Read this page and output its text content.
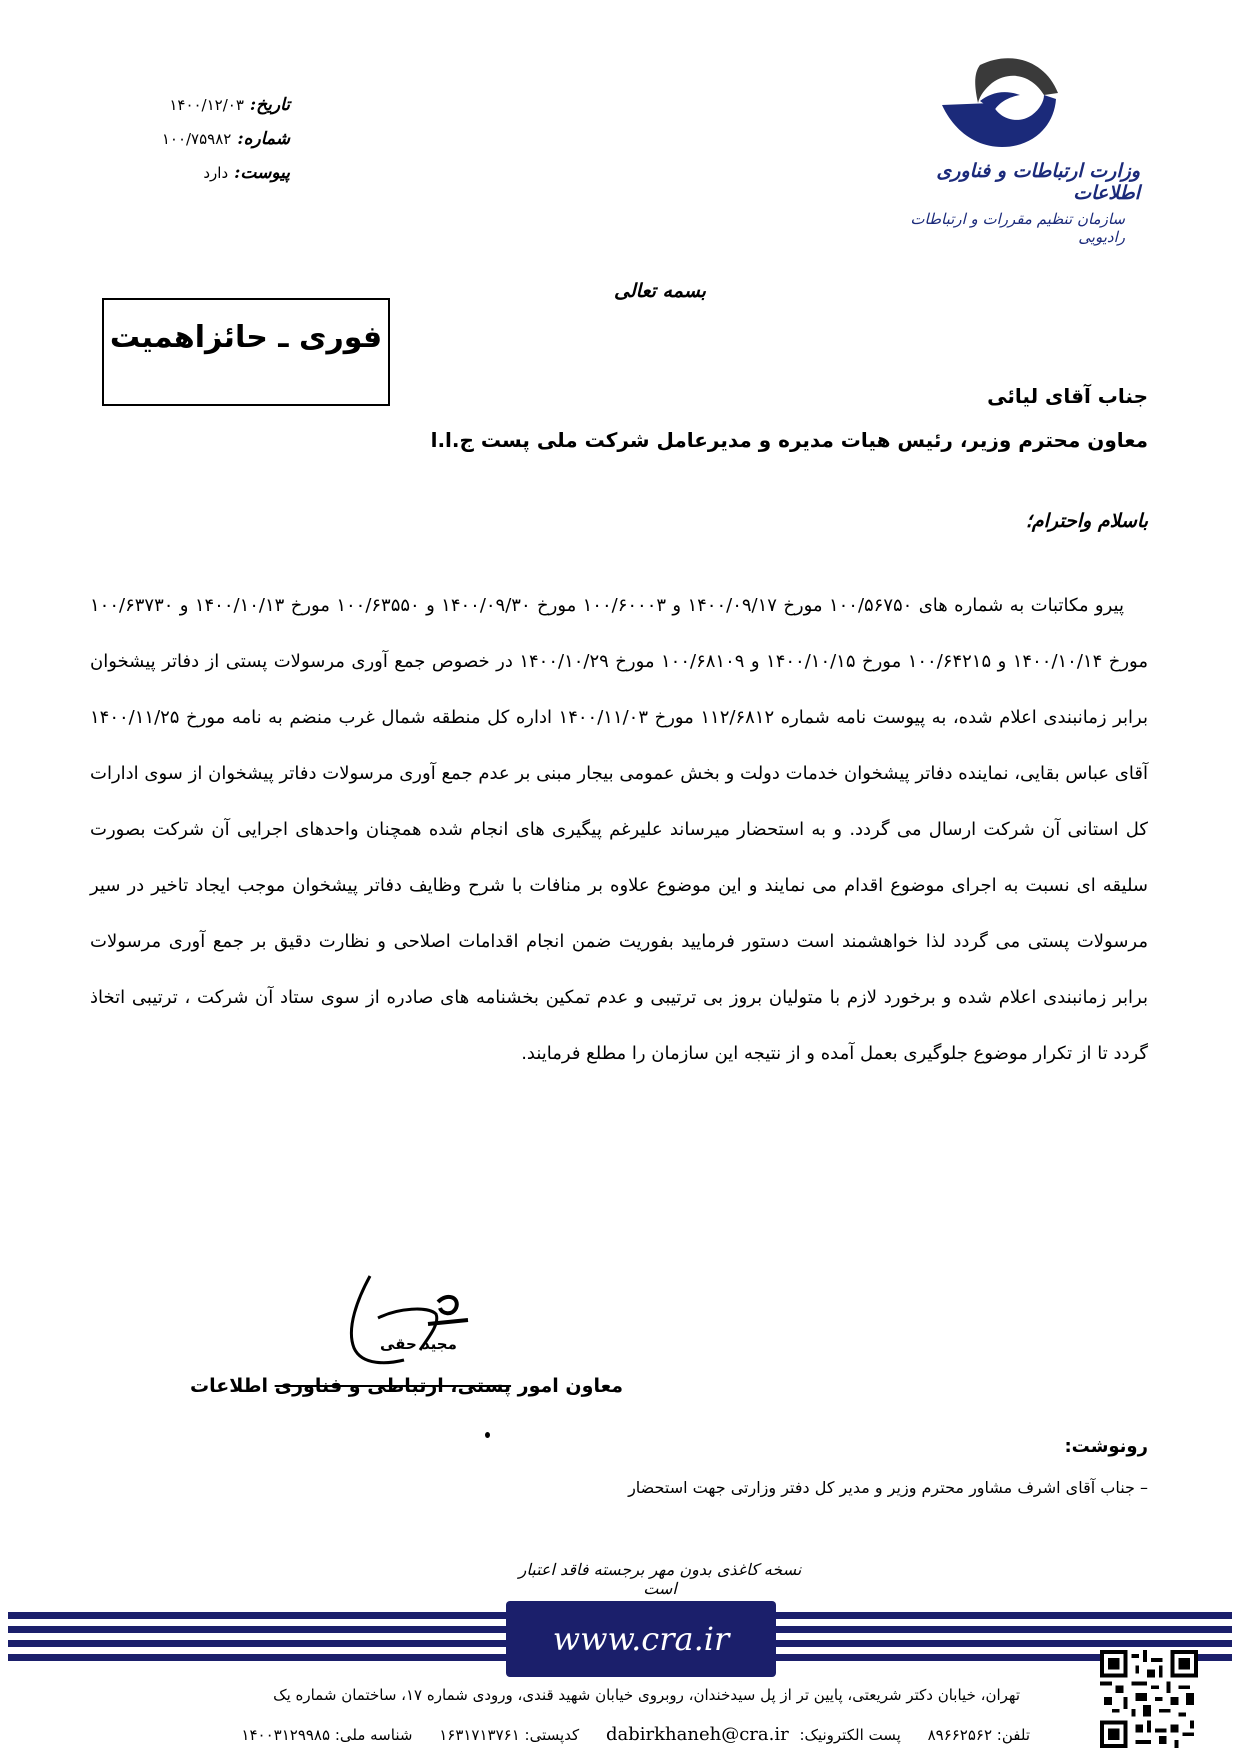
تاریخ:
۱۴۰۰/۱۲/۰۳
شماره:
۱۰۰/۷۵۹۸۲
پیوست:
دارد	وزارت ارتباطات و فناوری اطلاعات
سازمان تنظیم مقررات و ارتباطات رادیویی
بسمه تعالی
فوری ـ حائزاهمیت
جناب آقای لیائی
معاون محترم وزیر، رئیس هیات مدیره و مدیرعامل شرکت ملی پست ج.ا.ا
باسلام واحترام؛

پیرو مکاتبات به شماره های ۱۰۰/۵۶۷۵۰ مورخ ۱۴۰۰/۰۹/۱۷ و ۱۰۰/۶۰۰۰۳ مورخ ۱۴۰۰/۰۹/۳۰ و ۱۰۰/۶۳۵۵۰ مورخ ۱۴۰۰/۱۰/۱۳ و ۱۰۰/۶۳۷۳۰ مورخ ۱۴۰۰/۱۰/۱۴ و ۱۰۰/۶۴۲۱۵ مورخ ۱۴۰۰/۱۰/۱۵ و ۱۰۰/۶۸۱۰۹ مورخ ۱۴۰۰/۱۰/۲۹ در خصوص جمع آوری مرسولات پستی از دفاتر پیشخوان برابر زمانبندی اعلام شده، به پیوست نامه شماره ۱۱۲/۶۸۱۲ مورخ ۱۴۰۰/۱۱/۰۳ اداره کل منطقه شمال غرب منضم به نامه مورخ ۱۴۰۰/۱۱/۲۵ آقای عباس بقایی، نماینده دفاتر پیشخوان خدمات دولت و بخش عمومی بیجار مبنی بر عدم جمع آوری مرسولات دفاتر پیشخوان از سوی ادارات کل استانی آن شرکت ارسال می گردد. و به استحضار میرساند علیرغم پیگیری های انجام شده همچنان واحدهای اجرایی آن شرکت بصورت سلیقه ای نسبت به اجرای موضوع اقدام می نمایند و این موضوع علاوه بر منافات با شرح وظایف دفاتر پیشخوان موجب ایجاد تاخیر در سیر مرسولات پستی می گردد لذا خواهشمند است دستور فرمایید بفوریت ضمن انجام اقدامات اصلاحی و نظارت دقیق بر جمع آوری مرسولات برابر زمانبندی اعلام شده و برخورد لازم با متولیان بروز بی ترتیبی و عدم تمکین بخشنامه های صادره از سوی ستاد آن شرکت ، ترتیبی اتخاذ گردد تا از تکرار موضوع جلوگیری بعمل آمده و از نتیجه این سازمان را مطلع فرمایند.

مجید حقی
معاون امور پستی، ارتباطی و فناوری اطلاعات
رونوشت:
– جناب آقای اشرف مشاور محترم وزیر و مدیر کل دفتر وزارتی جهت استحضار
نسخه کاغذی بدون مهر برجسته فاقد اعتبار است
www.cra.ir
تهران، خیابان دکتر شریعتی، پایین تر از پل سیدخندان، روبروی خیابان شهید قندی، ورودی شماره ۱۷، ساختمان شماره یک
تلفن: ۸۹۶۶۲۵۶۲ پست الکترونیک: dabirkhaneh@cra.ir کدپستی: ۱۶۳۱۷۱۳۷۶۱ شناسه ملی: ۱۴۰۰۳۱۲۹۹۸۵
